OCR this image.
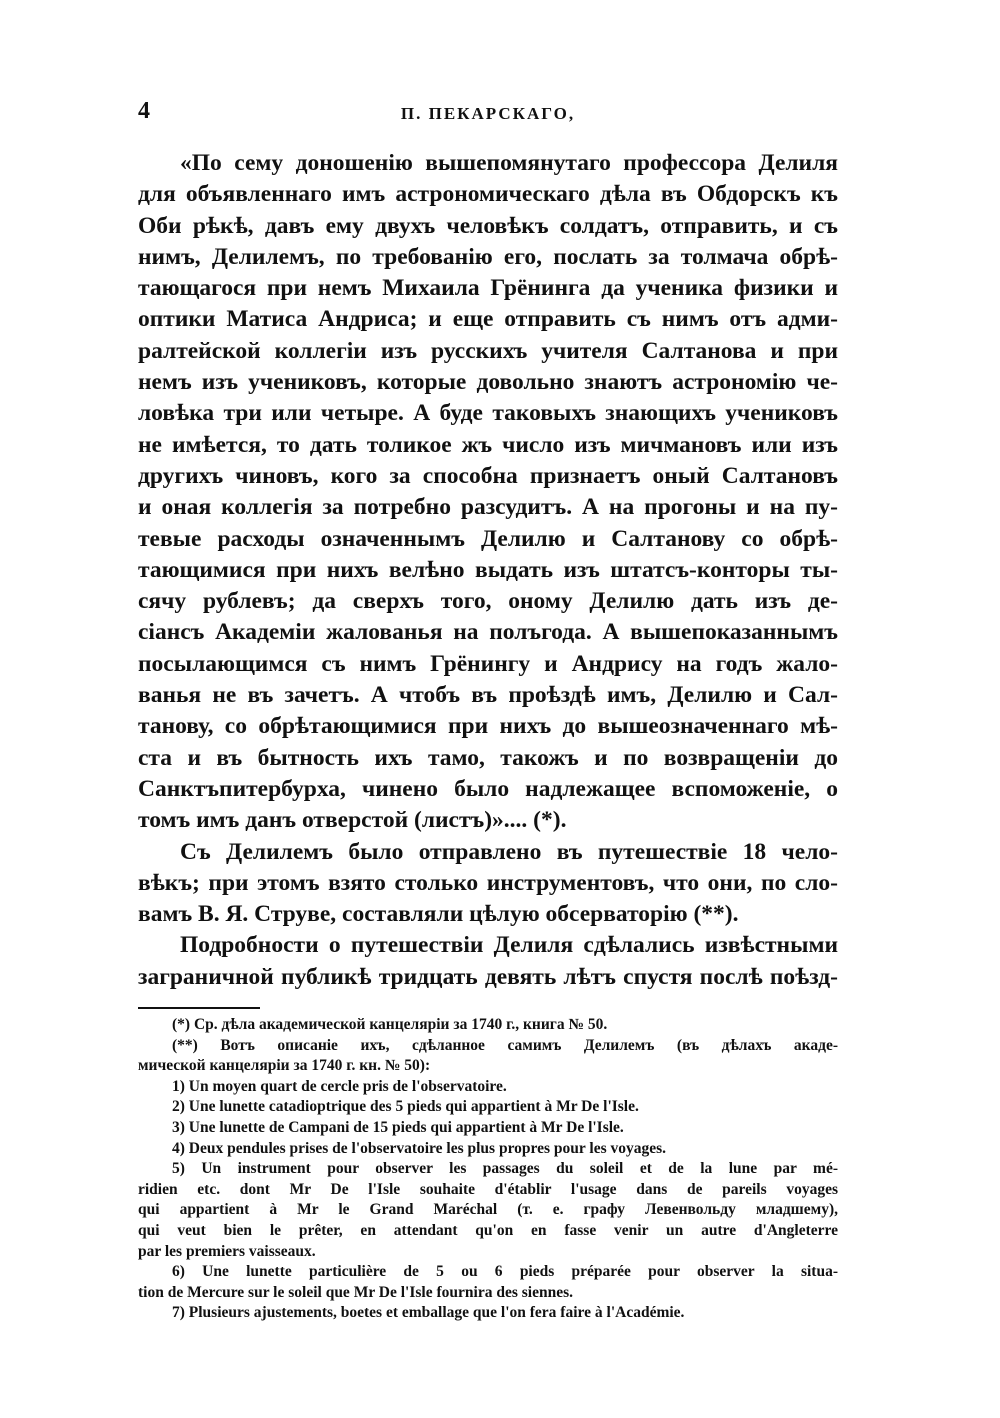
4	П. ПЕКАРСКАГО,

«По сему доношенію вышепомянутаго профессора Делиля
для объявленнаго имъ астрономическаго дѣла въ Обдорскъ къ
Оби рѣкѣ, давъ ему двухъ человѣкъ солдатъ, отправить, и съ
нимъ, Делилемъ, по требованію его, послать за толмача обрѣ-
тающагося при немъ Михаила Грёнинга да ученика физики и
оптики Матиса Андриса; и еще отправить съ нимъ отъ адми-
ралтейской коллегіи изъ русскихъ учителя Салтанова и при
немъ изъ учениковъ, которые довольно знаютъ астрономію че-
ловѣка три или четыре. А буде таковыхъ знающихъ учениковъ
не имѣется, то дать толикое жъ число изъ мичмановъ или изъ
другихъ чиновъ, кого за способна признаетъ оный Салтановъ
и оная коллегія за потребно разсудитъ. А на прогоны и на пу-
тевые расходы означеннымъ Делилю и Салтанову со обрѣ-
тающимися при нихъ велѣно выдать изъ штатсъ-конторы ты-
сячу рублевъ; да сверхъ того, оному Делилю дать изъ де-
сіансъ Академіи жалованья на полъгода. А вышепоказаннымъ
посылающимся съ нимъ Грёнингу и Андрису на годъ жало-
ванья не въ зачетъ. А чтобъ въ проѣздѣ имъ, Делилю и Сал-
танову, со обрѣтающимися при нихъ до вышеозначеннаго мѣ-
ста и въ бытность ихъ тамо, такожъ и по возвращеніи до
Санктъпитербурха, чинено было надлежащее вспоможеніе, о
томъ имъ данъ отверстой (листъ)».... (*).

Съ Делилемъ было отправлено въ путешествіе 18 чело-
вѣкъ; при этомъ взято столько инструментовъ, что они, по сло-
вамъ В. Я. Струве, составляли цѣлую обсерваторію (**).

Подробности о путешествіи Делиля сдѣлались извѣстными
заграничной публикѣ тридцать девять лѣтъ спустя послѣ поѣзд-

(*) Ср. дѣла академической канцеляріи за 1740 г., книга № 50.

(**) Вотъ описаніе ихъ, сдѣланное самимъ Делилемъ (въ дѣлахъ акаде-
мической канцеляріи за 1740 г. кн. № 50):

1) Un moyen quart de cercle pris de l'observatoire.

2) Une lunette catadioptrique des 5 pieds qui appartient à Mr De l'Isle.

3) Une lunette de Campani de 15 pieds qui appartient à Mr De l'Isle.

4) Deux pendules prises de l'observatoire les plus propres pour les voyages.

5) Un instrument pour observer les passages du soleil et de la lune par mé-
ridien etc. dont Mr De l'Isle souhaite d'établir l'usage dans de pareils voyages
qui appartient à Mr le Grand Maréchal (т. е. графу Левенвольду младшему),
qui veut bien le prêter, en attendant qu'on en fasse venir un autre d'Angleterre
par les premiers vaisseaux.

6) Une lunette particulière de 5 ou 6 pieds préparée pour observer la situa-
tion de Mercure sur le soleil que Mr De l'Isle fournira des siennes.

7) Plusieurs ajustements, boetes et emballage que l'on fera faire à l'Académie.
